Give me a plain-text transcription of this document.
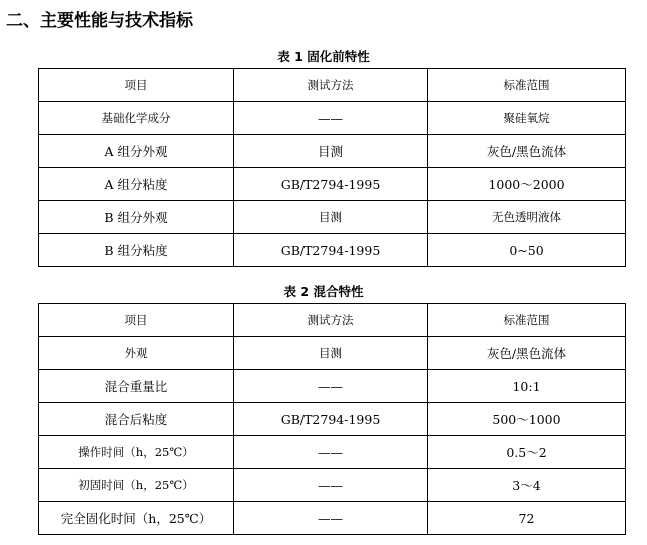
二、主要性能与技术指标
表 1 固化前特性
项目	测试方法	标准范围
基础化学成分	——	聚硅氧烷
A 组分外观	目测	灰色/黑色流体
A 组分粘度	GB/T2794-1995	1000～2000
B 组分外观	目测	无色透明液体
B 组分粘度	GB/T2794-1995	0~50
表 2 混合特性
项目	测试方法	标准范围
外观	目测	灰色/黑色流体
混合重量比	——	10:1
混合后粘度	GB/T2794-1995	500～1000
操作时间（h，25℃）	——	0.5～2
初固时间（h，25℃）	——	3～4
完全固化时间（h，25℃）	——	72
